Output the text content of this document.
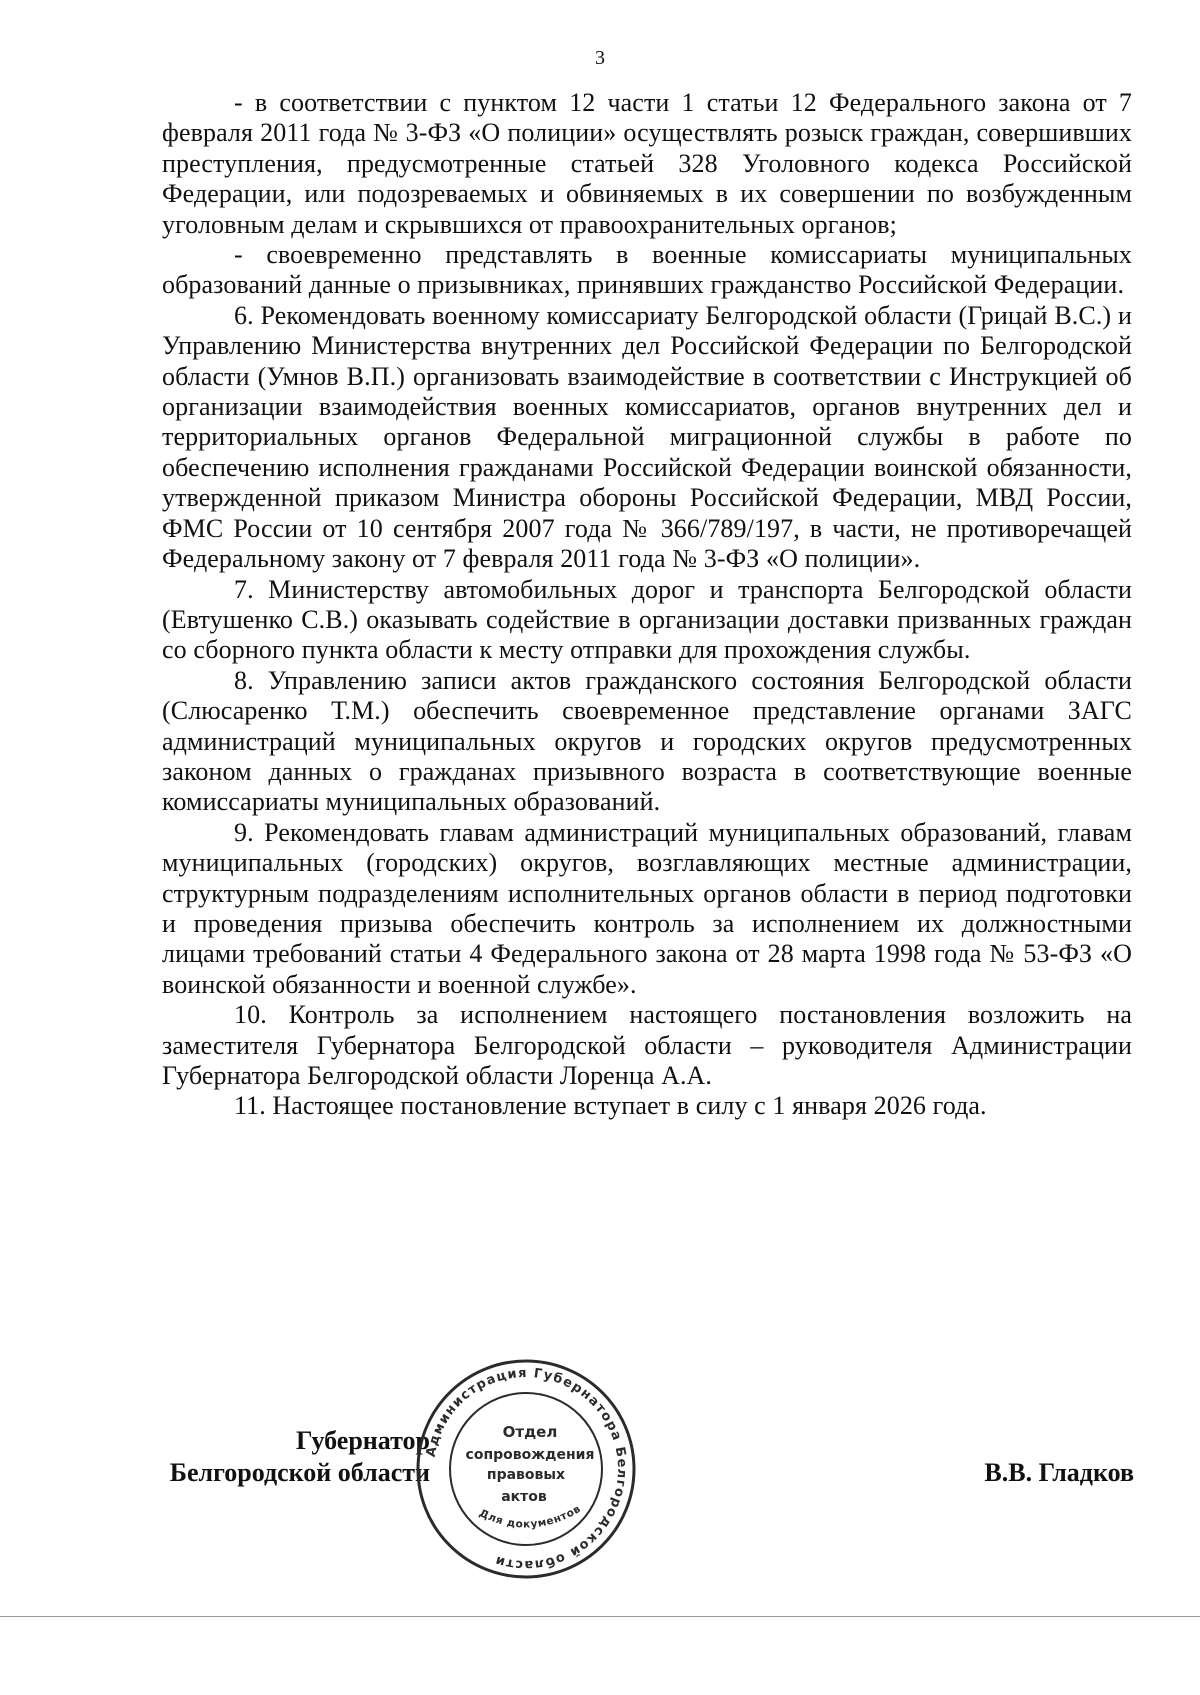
3

- в соответствии с пунктом 12 части 1 статьи 12 Федерального закона от 7 февраля 2011 года № 3-ФЗ «О полиции» осуществлять розыск граждан, совершивших преступления, предусмотренные статьей 328 Уголовного кодекса Российской Федерации, или подозреваемых и обвиняемых в их совершении по возбужденным уголовным делам и скрывшихся от правоохранительных органов;

- своевременно представлять в военные комиссариаты муниципальных образований данные о призывниках, принявших гражданство Российской Федерации.

6. Рекомендовать военному комиссариату Белгородской области (Грицай В.С.) и Управлению Министерства внутренних дел Российской Федерации по Белгородской области (Умнов В.П.) организовать взаимодействие в соответствии с Инструкцией об организации взаимодействия военных комиссариатов, органов внутренних дел и территориальных органов Федеральной миграционной службы в работе по обеспечению исполнения гражданами Российской Федерации воинской обязанности, утвержденной приказом Министра обороны Российской Федерации, МВД России, ФМС России от 10 сентября 2007 года № 366/789/197, в части, не противоречащей Федеральному закону от 7 февраля 2011 года № 3-ФЗ «О полиции».

7. Министерству автомобильных дорог и транспорта Белгородской области (Евтушенко С.В.) оказывать содействие в организации доставки призванных граждан со сборного пункта области к месту отправки для прохождения службы.

8. Управлению записи актов гражданского состояния Белгородской области (Слюсаренко Т.М.) обеспечить своевременное представление органами ЗАГС администраций муниципальных округов и городских округов предусмотренных законом данных о гражданах призывного возраста в соответствующие военные комиссариаты муниципальных образований.

9. Рекомендовать главам администраций муниципальных образований, главам муниципальных (городских) округов, возглавляющих местные администрации, структурным подразделениям исполнительных органов области в период подготовки и проведения призыва обеспечить контроль за исполнением их должностными лицами требований статьи 4 Федерального закона от 28 марта 1998 года № 53-ФЗ «О воинской обязанности и военной службе».

10. Контроль за исполнением настоящего постановления возложить на заместителя Губернатора Белгородской области – руководителя Администрации Губернатора Белгородской области Лоренца А.А.

11. Настоящее постановление вступает в силу с 1 января 2026 года.

Губернатор
Белгородской области	В.В. Гладков
Администрация Губернатора Белгородской области
Для документов
Отдел
сопровождения
правовых
актов
